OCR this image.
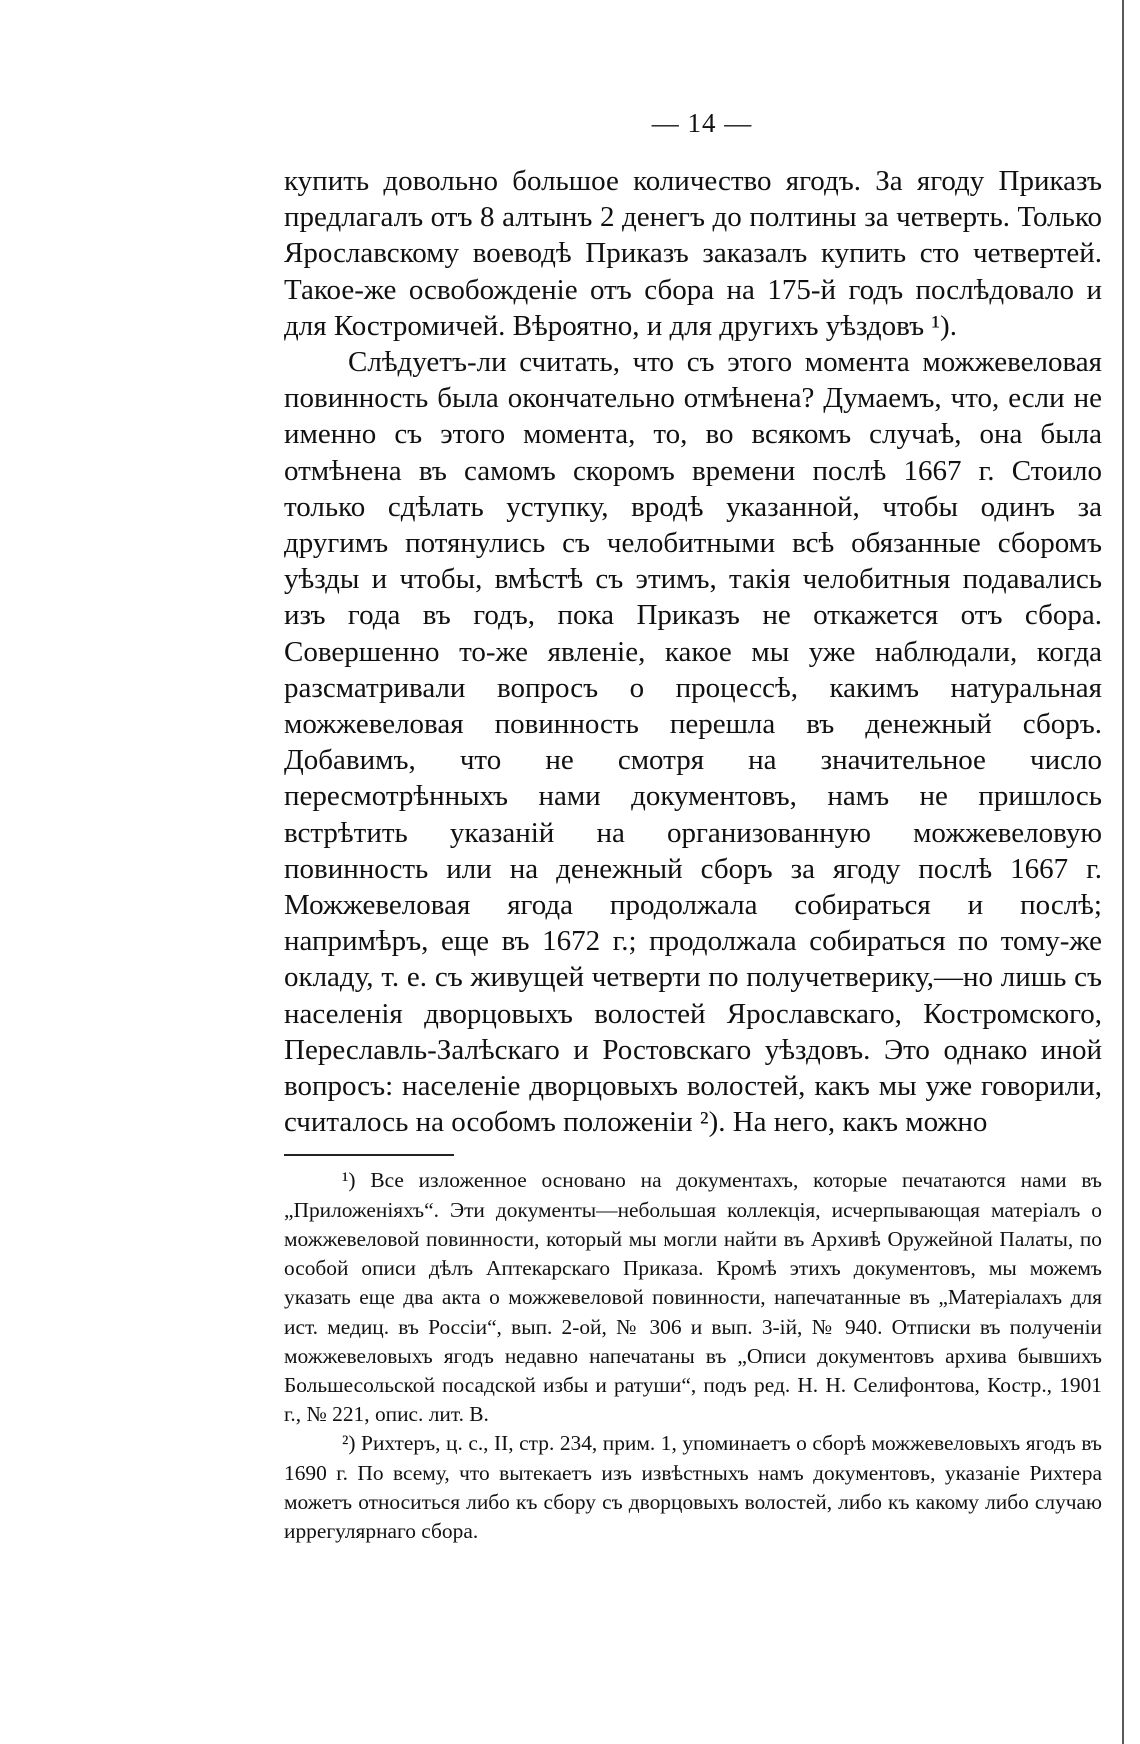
— 14 —

купить довольно большое количество ягодъ. За ягоду Приказъ предлагалъ отъ 8 алтынъ 2 денегъ до полтины за четверть. Только Ярославскому воеводѣ Приказъ заказалъ купить сто четвертей. Такое-же освобожденіе отъ сбора на 175-й годъ послѣдовало и для Костромичей. Вѣроятно, и для другихъ уѣздовъ ¹).

Слѣдуетъ-ли считать, что съ этого момента можжевеловая повинность была окончательно отмѣнена? Думаемъ, что, если не именно съ этого момента, то, во всякомъ случаѣ, она была отмѣнена въ самомъ скоромъ времени послѣ 1667 г. Стоило только сдѣлать уступку, вродѣ указанной, чтобы одинъ за другимъ потянулись съ челобитными всѣ обязанные сборомъ уѣзды и чтобы, вмѣстѣ съ этимъ, такія челобитныя подавались изъ года въ годъ, пока Приказъ не откажется отъ сбора. Совершенно то-же явленіе, какое мы уже наблюдали, когда разсматривали вопросъ о процессѣ, какимъ натуральная можжевеловая повинность перешла въ денежный сборъ. Добавимъ, что не смотря на значительное число пересмотрѣнныхъ нами документовъ, намъ не пришлось встрѣтить указаній на организованную можжевеловую повинность или на денежный сборъ за ягоду послѣ 1667 г. Можжевеловая ягода продолжала собираться и послѣ; напримѣръ, еще въ 1672 г.; продолжала собираться по тому-же окладу, т. е. съ живущей четверти по получетверику,—но лишь съ населенія дворцовыхъ волостей Ярославскаго, Костромского, Переславль-Залѣскаго и Ростовскаго уѣздовъ. Это однако иной вопросъ: населеніе дворцовыхъ волостей, какъ мы уже говорили, считалось на особомъ положеніи ²). На него, какъ можно

¹) Все изложенное основано на документахъ, которые печатаются нами въ „Приложеніяхъ“. Эти документы—небольшая коллекція, исчерпывающая матеріалъ о можжевеловой повинности, который мы могли найти въ Архивѣ Оружейной Палаты, по особой описи дѣлъ Аптекарскаго Приказа. Кромѣ этихъ документовъ, мы можемъ указать еще два акта о можжевеловой повинности, напечатанные въ „Матеріалахъ для ист. медиц. въ Россіи“, вып. 2-ой, № 306 и вып. 3-ій, № 940. Отписки въ полученіи можжевеловыхъ ягодъ недавно напечатаны въ „Описи документовъ архива бывшихъ Большесольской посадской избы и ратуши“, подъ ред. Н. Н. Селифонтова, Костр., 1901 г., № 221, опис. лит. В.

²) Рихтеръ, ц. с., II, стр. 234, прим. 1, упоминаетъ о сборѣ можжевеловыхъ ягодъ въ 1690 г. По всему, что вытекаетъ изъ извѣстныхъ намъ документовъ, указаніе Рихтера можетъ относиться либо къ сбору съ дворцовыхъ волостей, либо къ какому либо случаю иррегулярнаго сбора.
